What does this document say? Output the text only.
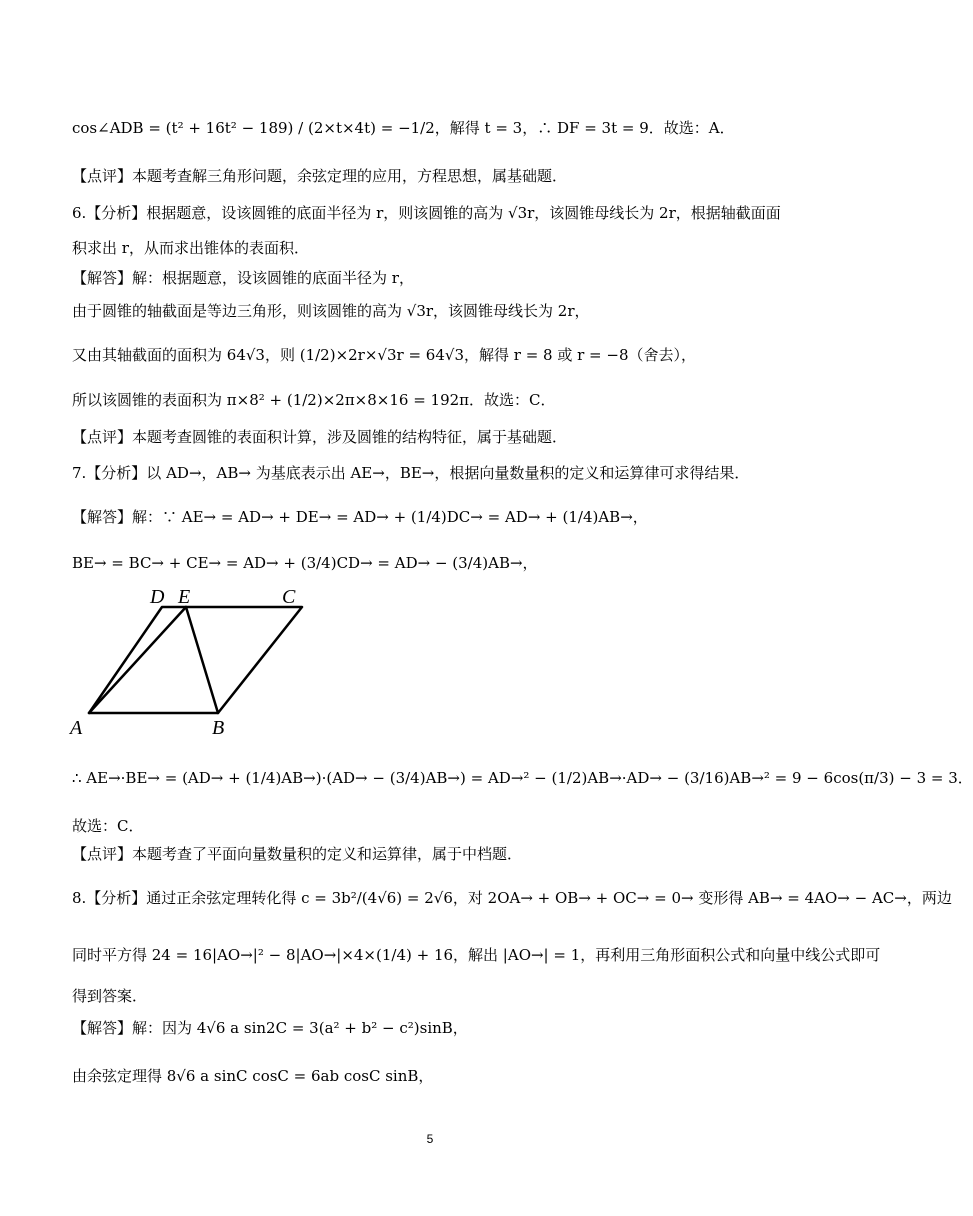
cos∠ADB = (t² + 16t² − 189) / (2×t×4t) = −1/2，解得 t = 3，∴ DF = 3t = 9．故选：A．
【点评】本题考查解三角形问题，余弦定理的应用，方程思想，属基础题．
6.【分析】根据题意，设该圆锥的底面半径为 r，则该圆锥的高为 √3r，该圆锥母线长为 2r，根据轴截面面
积求出 r，从而求出锥体的表面积．
【解答】解：根据题意，设该圆锥的底面半径为 r，
由于圆锥的轴截面是等边三角形，则该圆锥的高为 √3r，该圆锥母线长为 2r，
又由其轴截面的面积为 64√3，则 (1/2)×2r×√3r = 64√3，解得 r = 8 或 r = −8（舍去），
所以该圆锥的表面积为 π×8² + (1/2)×2π×8×16 = 192π．故选：C．
【点评】本题考查圆锥的表面积计算，涉及圆锥的结构特征，属于基础题．
7.【分析】以 AD→，AB→ 为基底表示出 AE→，BE→，根据向量数量积的定义和运算律可求得结果．
【解答】解：∵ AE→ = AD→ + DE→ = AD→ + (1/4)DC→ = AD→ + (1/4)AB→，
BE→ = BC→ + CE→ = AD→ + (3/4)CD→ = AD→ − (3/4)AB→，
D E	C
A	B
∴ AE→·BE→ = (AD→ + (1/4)AB→)·(AD→ − (3/4)AB→) = AD→² − (1/2)AB→·AD→ − (3/16)AB→² = 9 − 6cos(π/3) − 3 = 3．
故选：C．
【点评】本题考查了平面向量数量积的定义和运算律，属于中档题．
8.【分析】通过正余弦定理转化得 c = 3b²/(4√6) = 2√6，对 2OA→ + OB→ + OC→ = 0→ 变形得 AB→ = 4AO→ − AC→，两边
同时平方得 24 = 16|AO→|² − 8|AO→|×4×(1/4) + 16，解出 |AO→| = 1，再利用三角形面积公式和向量中线公式即可
得到答案．
【解答】解：因为 4√6 a sin2C = 3(a² + b² − c²)sinB，
由余弦定理得 8√6 a sinC cosC = 6ab cosC sinB，
5
